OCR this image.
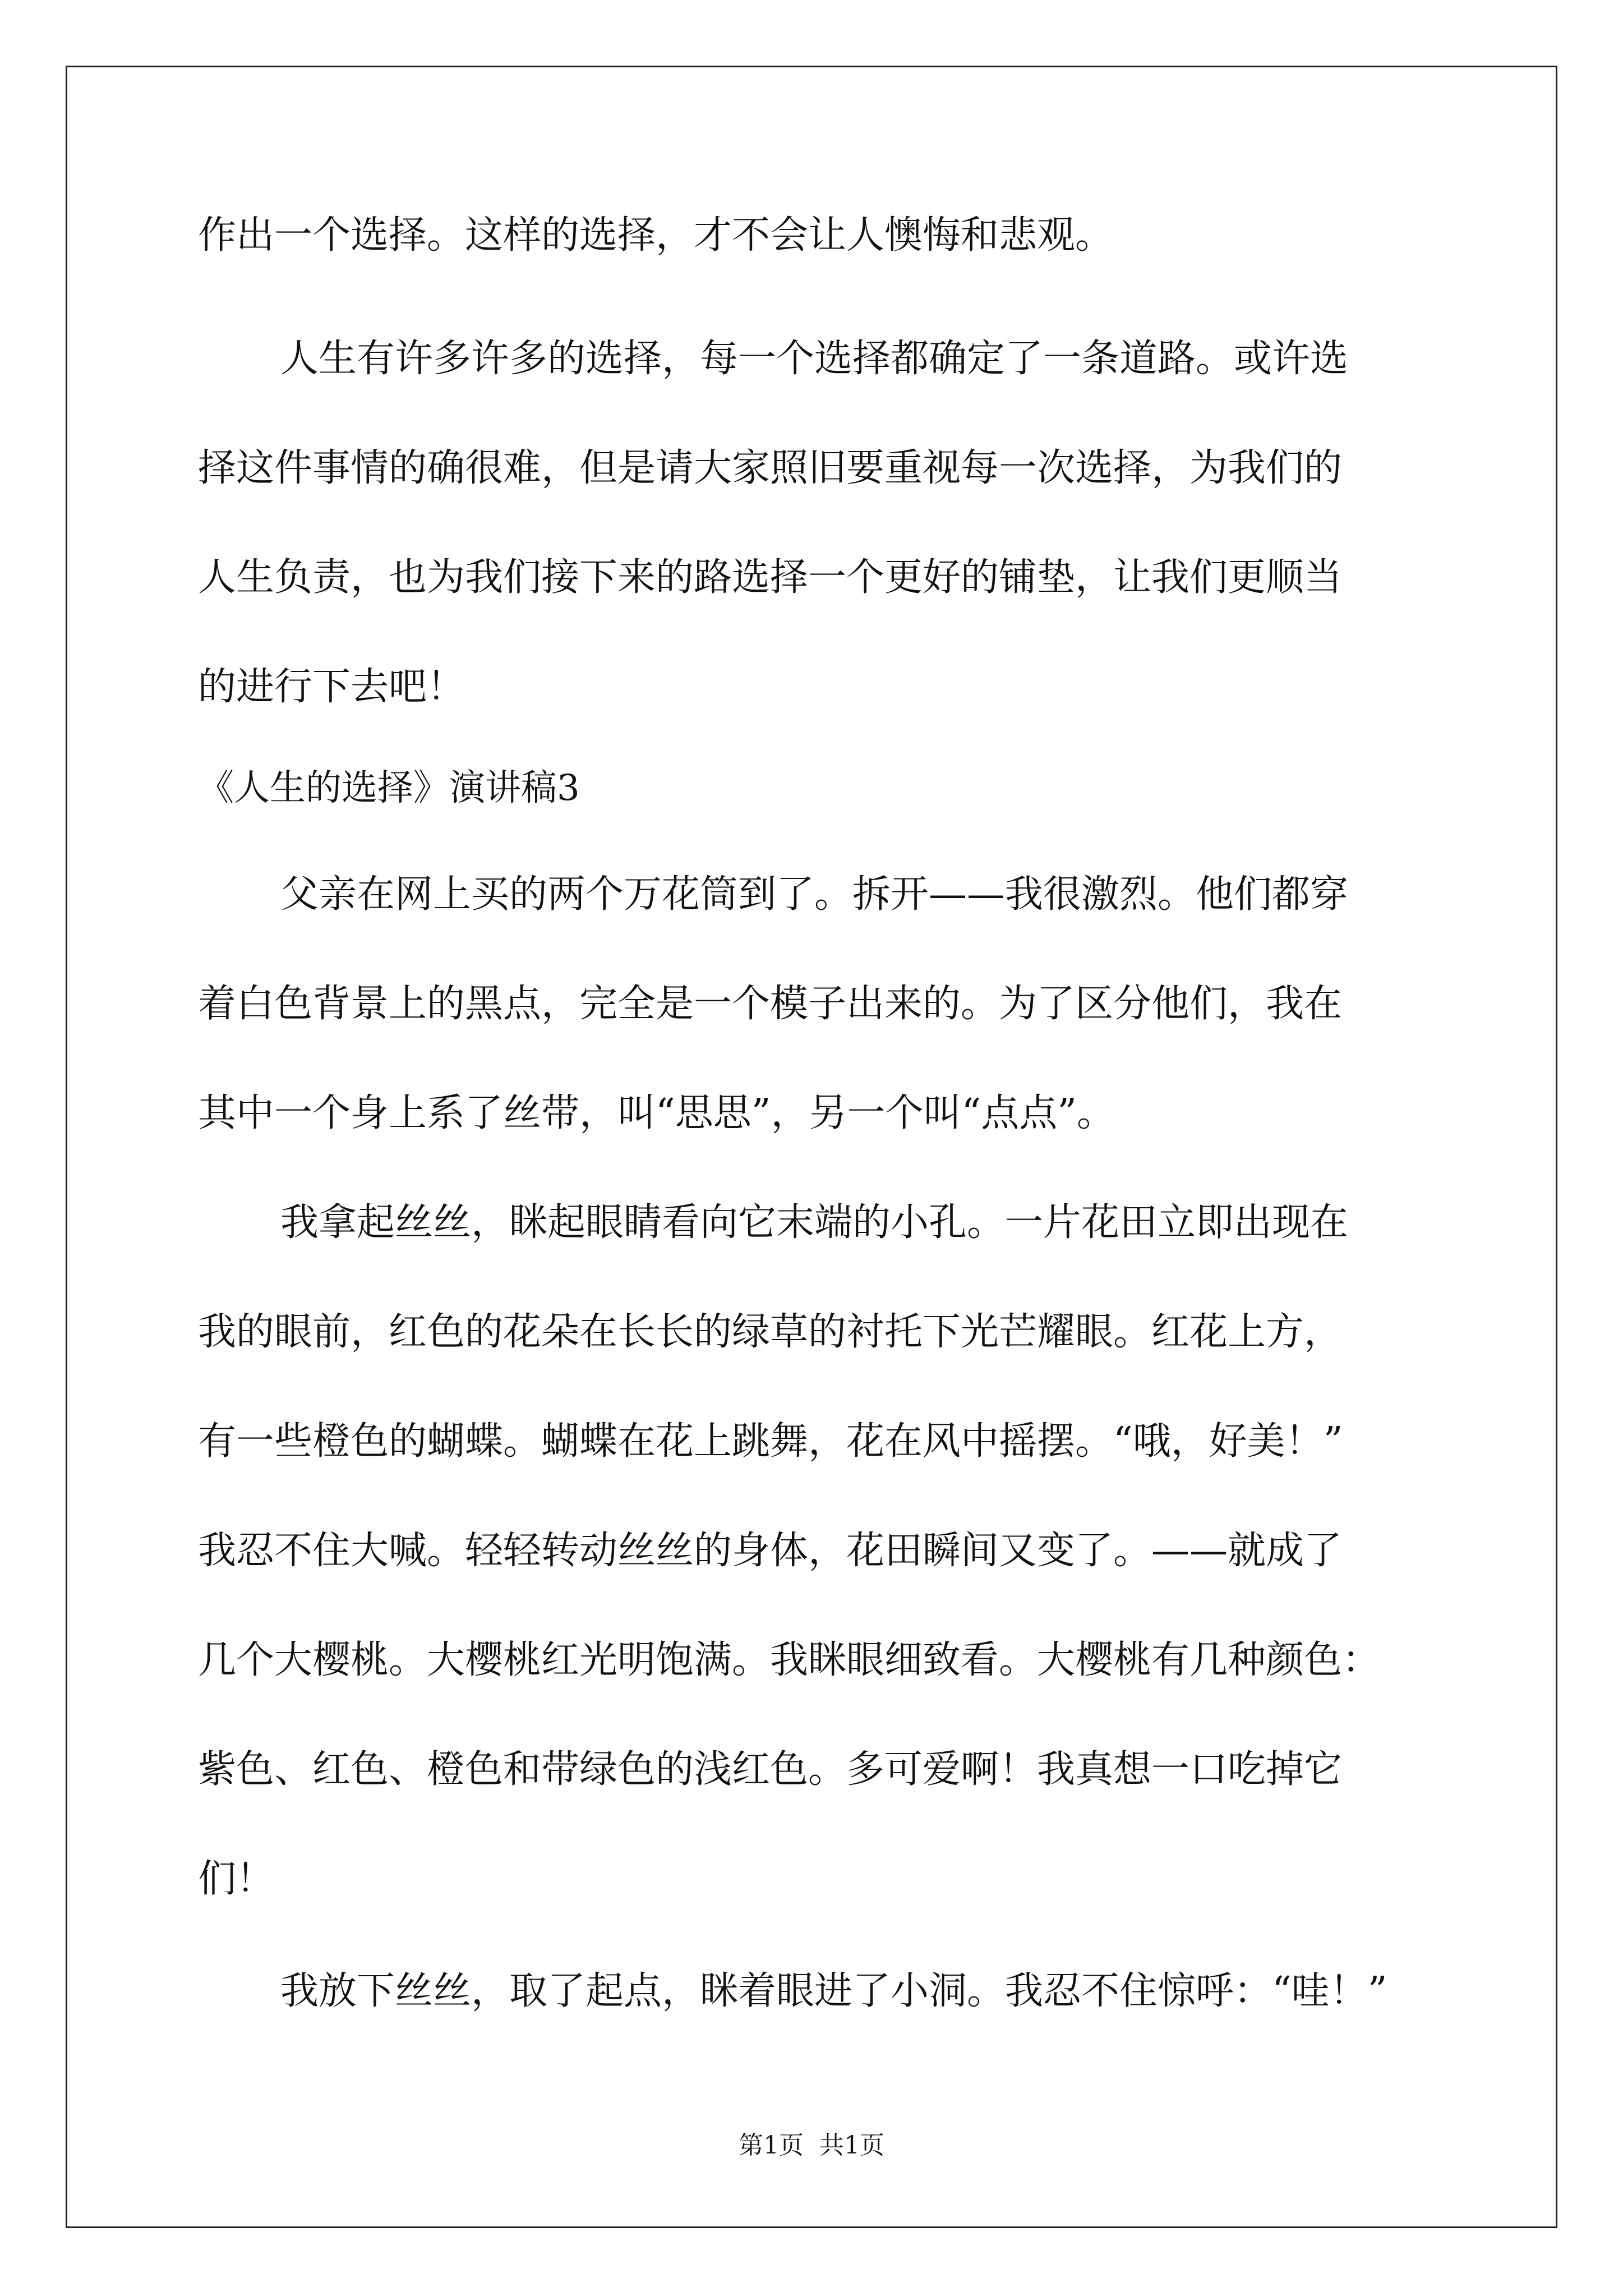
作出一个选择。这样的选择，才不会让人懊悔和悲观。
人生有许多许多的选择，每一个选择都确定了一条道路。或许选
择这件事情的确很难，但是请大家照旧要重视每一次选择，为我们的
人生负责，也为我们接下来的路选择一个更好的铺垫，让我们更顺当
的进行下去吧！
《人生的选择》演讲稿3
父亲在网上买的两个万花筒到了。拆开——我很激烈。他们都穿
着白色背景上的黑点，完全是一个模子出来的。为了区分他们，我在
其中一个身上系了丝带，叫“思思”，另一个叫“点点”。
我拿起丝丝，眯起眼睛看向它末端的小孔。一片花田立即出现在
我的眼前，红色的花朵在长长的绿草的衬托下光芒耀眼。红花上方，
有一些橙色的蝴蝶。蝴蝶在花上跳舞，花在风中摇摆。“哦，好美！”
我忍不住大喊。轻轻转动丝丝的身体，花田瞬间又变了。——就成了
几个大樱桃。大樱桃红光明饱满。我眯眼细致看。大樱桃有几种颜色：
紫色、红色、橙色和带绿色的浅红色。多可爱啊！我真想一口吃掉它
们！
我放下丝丝，取了起点，眯着眼进了小洞。我忍不住惊呼：“哇！”
第1页 共1页
